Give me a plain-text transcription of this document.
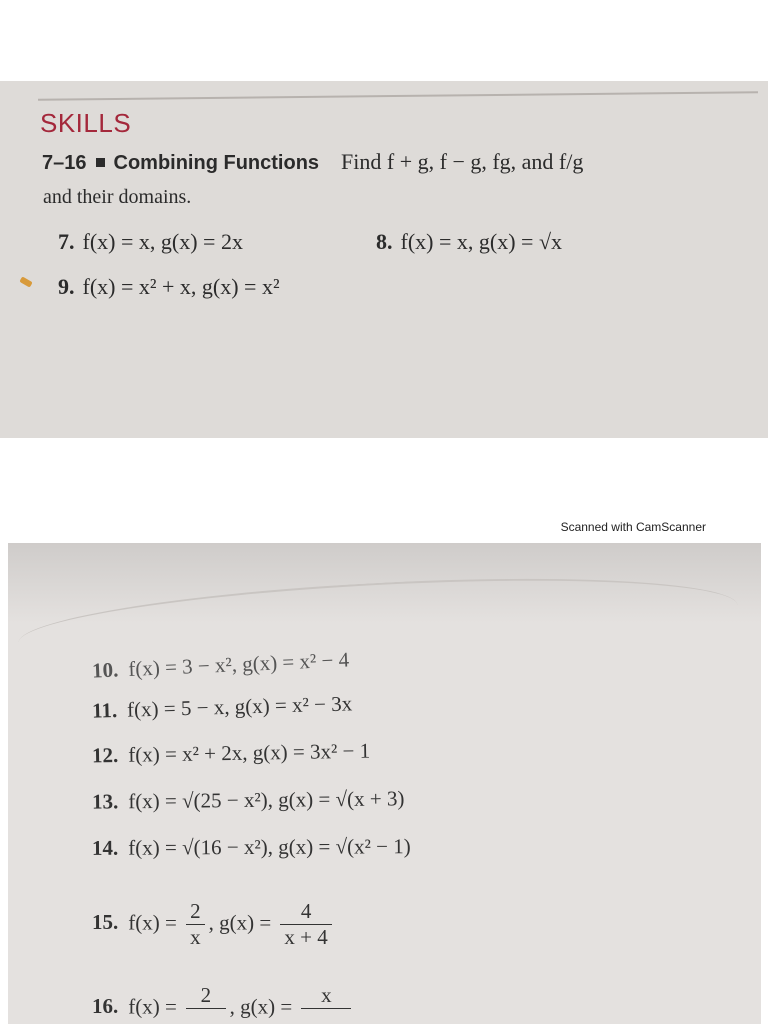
SKILLS
7–16 Combining Functions Find f + g, f − g, fg, and f/g
and their domains.
7. f(x) = x, g(x) = 2x	8. f(x) = x, g(x) = √x
9. f(x) = x² + x, g(x) = x²
Scanned with CamScanner
10. f(x) = 3 − x², g(x) = x² − 4
11. f(x) = 5 − x, g(x) = x² − 3x
12. f(x) = x² + 2x, g(x) = 3x² − 1
13. f(x) = √(25 − x²), g(x) = √(x + 3)
14. f(x) = √(16 − x²), g(x) = √(x² − 1)
15. $f(x) = \frac{2}{x}$ , $g(x) = \frac{4}{x + 4}$
16. f(x) =	2
, g(x) =	x
